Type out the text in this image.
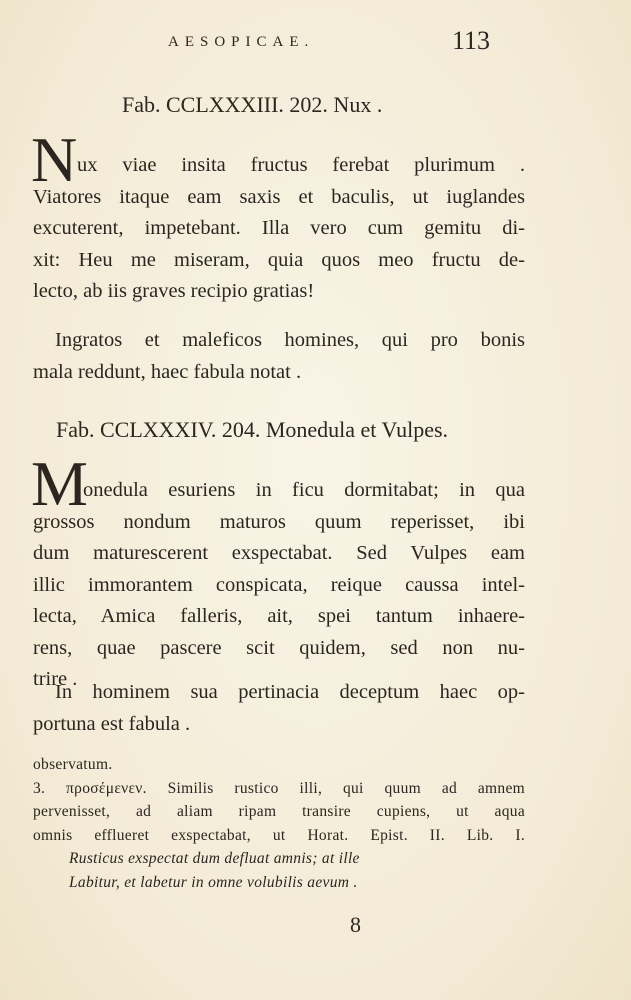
AESOPICAE.	113
Fab. CCLXXXIII. 202. Nux .
N ux viae insita fructus ferebat plurimum .
Viatores itaque eam saxis et baculis, ut iuglandes
excuterent, impetebant. Illa vero cum gemitu di-
xit: Heu me miseram, quia quos meo fructu de-
lecto, ab iis graves recipio gratias!
Ingratos et maleficos homines, qui pro bonis
mala reddunt, haec fabula notat .
Fab. CCLXXXIV. 204. Monedula et Vulpes.
M
onedula esuriens in ficu dormitabat; in qua
grossos nondum maturos quum reperisset, ibi
dum maturescerent exspectabat. Sed Vulpes eam
illic immorantem conspicata, reique caussa intel-
lecta, Amica falleris, ait, spei tantum inhaere-
rens, quae pascere scit quidem, sed non nu-
trire .
In hominem sua pertinacia deceptum haec op-
portuna est fabula .
observatum.
3. προσέμενεν. Similis rustico illi, qui quum ad amnem
pervenisset, ad aliam ripam transire cupiens, ut aqua
omnis efflueret exspectabat, ut Horat. Epist. II. Lib. I.
Rusticus exspectat dum defluat amnis; at ille
Labitur, et labetur in omne volubilis aevum .
8
